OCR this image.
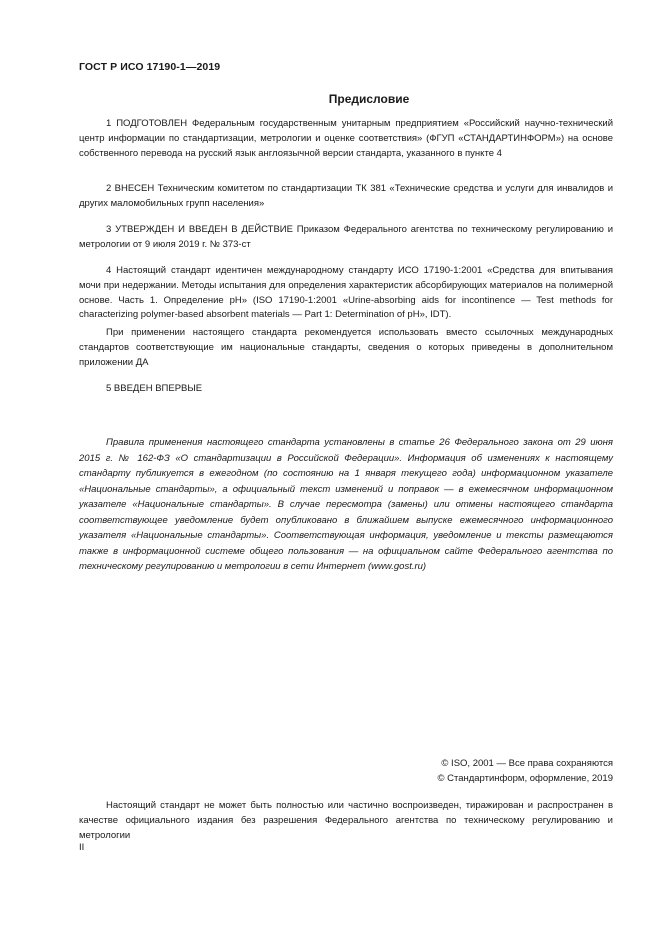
ГОСТ Р ИСО 17190-1—2019
Предисловие

1 ПОДГОТОВЛЕН Федеральным государственным унитарным предприятием «Российский научно-технический центр информации по стандартизации, метрологии и оценке соответствия» (ФГУП «СТАНДАРТИНФОРМ») на основе собственного перевода на русский язык англоязычной версии стандарта, указанного в пункте 4

2 ВНЕСЕН Техническим комитетом по стандартизации ТК 381 «Технические средства и услуги для инвалидов и других маломобильных групп населения»

3 УТВЕРЖДЕН И ВВЕДЕН В ДЕЙСТВИЕ Приказом Федерального агентства по техническому регулированию и метрологии от 9 июля 2019 г. № 373-ст

4 Настоящий стандарт идентичен международному стандарту ИСО 17190-1:2001 «Средства для впитывания мочи при недержании. Методы испытания для определения характеристик абсорбирующих материалов на полимерной основе. Часть 1. Определение pH» (ISO 17190-1:2001 «Urine-absorbing aids for incontinence — Test methods for characterizing polymer-based absorbent materials — Part 1: Determination of pH», IDT).

При применении настоящего стандарта рекомендуется использовать вместо ссылочных международных стандартов соответствующие им национальные стандарты, сведения о которых приведены в дополнительном приложении ДА

5 ВВЕДЕН ВПЕРВЫЕ

Правила применения настоящего стандарта установлены в статье 26 Федерального закона от 29 июня 2015 г. № 162-ФЗ «О стандартизации в Российской Федерации». Информация об изменениях к настоящему стандарту публикуется в ежегодном (по состоянию на 1 января текущего года) информационном указателе «Национальные стандарты», а официальный текст изменений и поправок — в ежемесячном информационном указателе «Национальные стандарты». В случае пересмотра (замены) или отмены настоящего стандарта соответствующее уведомление будет опубликовано в ближайшем выпуске ежемесячного информационного указателя «Национальные стандарты». Соответствующая информация, уведомление и тексты размещаются также в информационной системе общего пользования — на официальном сайте Федерального агентства по техническому регулированию и метрологии в сети Интернет (www.gost.ru)

© ISO, 2001 — Все права сохраняются

© Стандартинформ, оформление, 2019

Настоящий стандарт не может быть полностью или частично воспроизведен, тиражирован и распространен в качестве официального издания без разрешения Федерального агентства по техническому регулированию и метрологии

II
